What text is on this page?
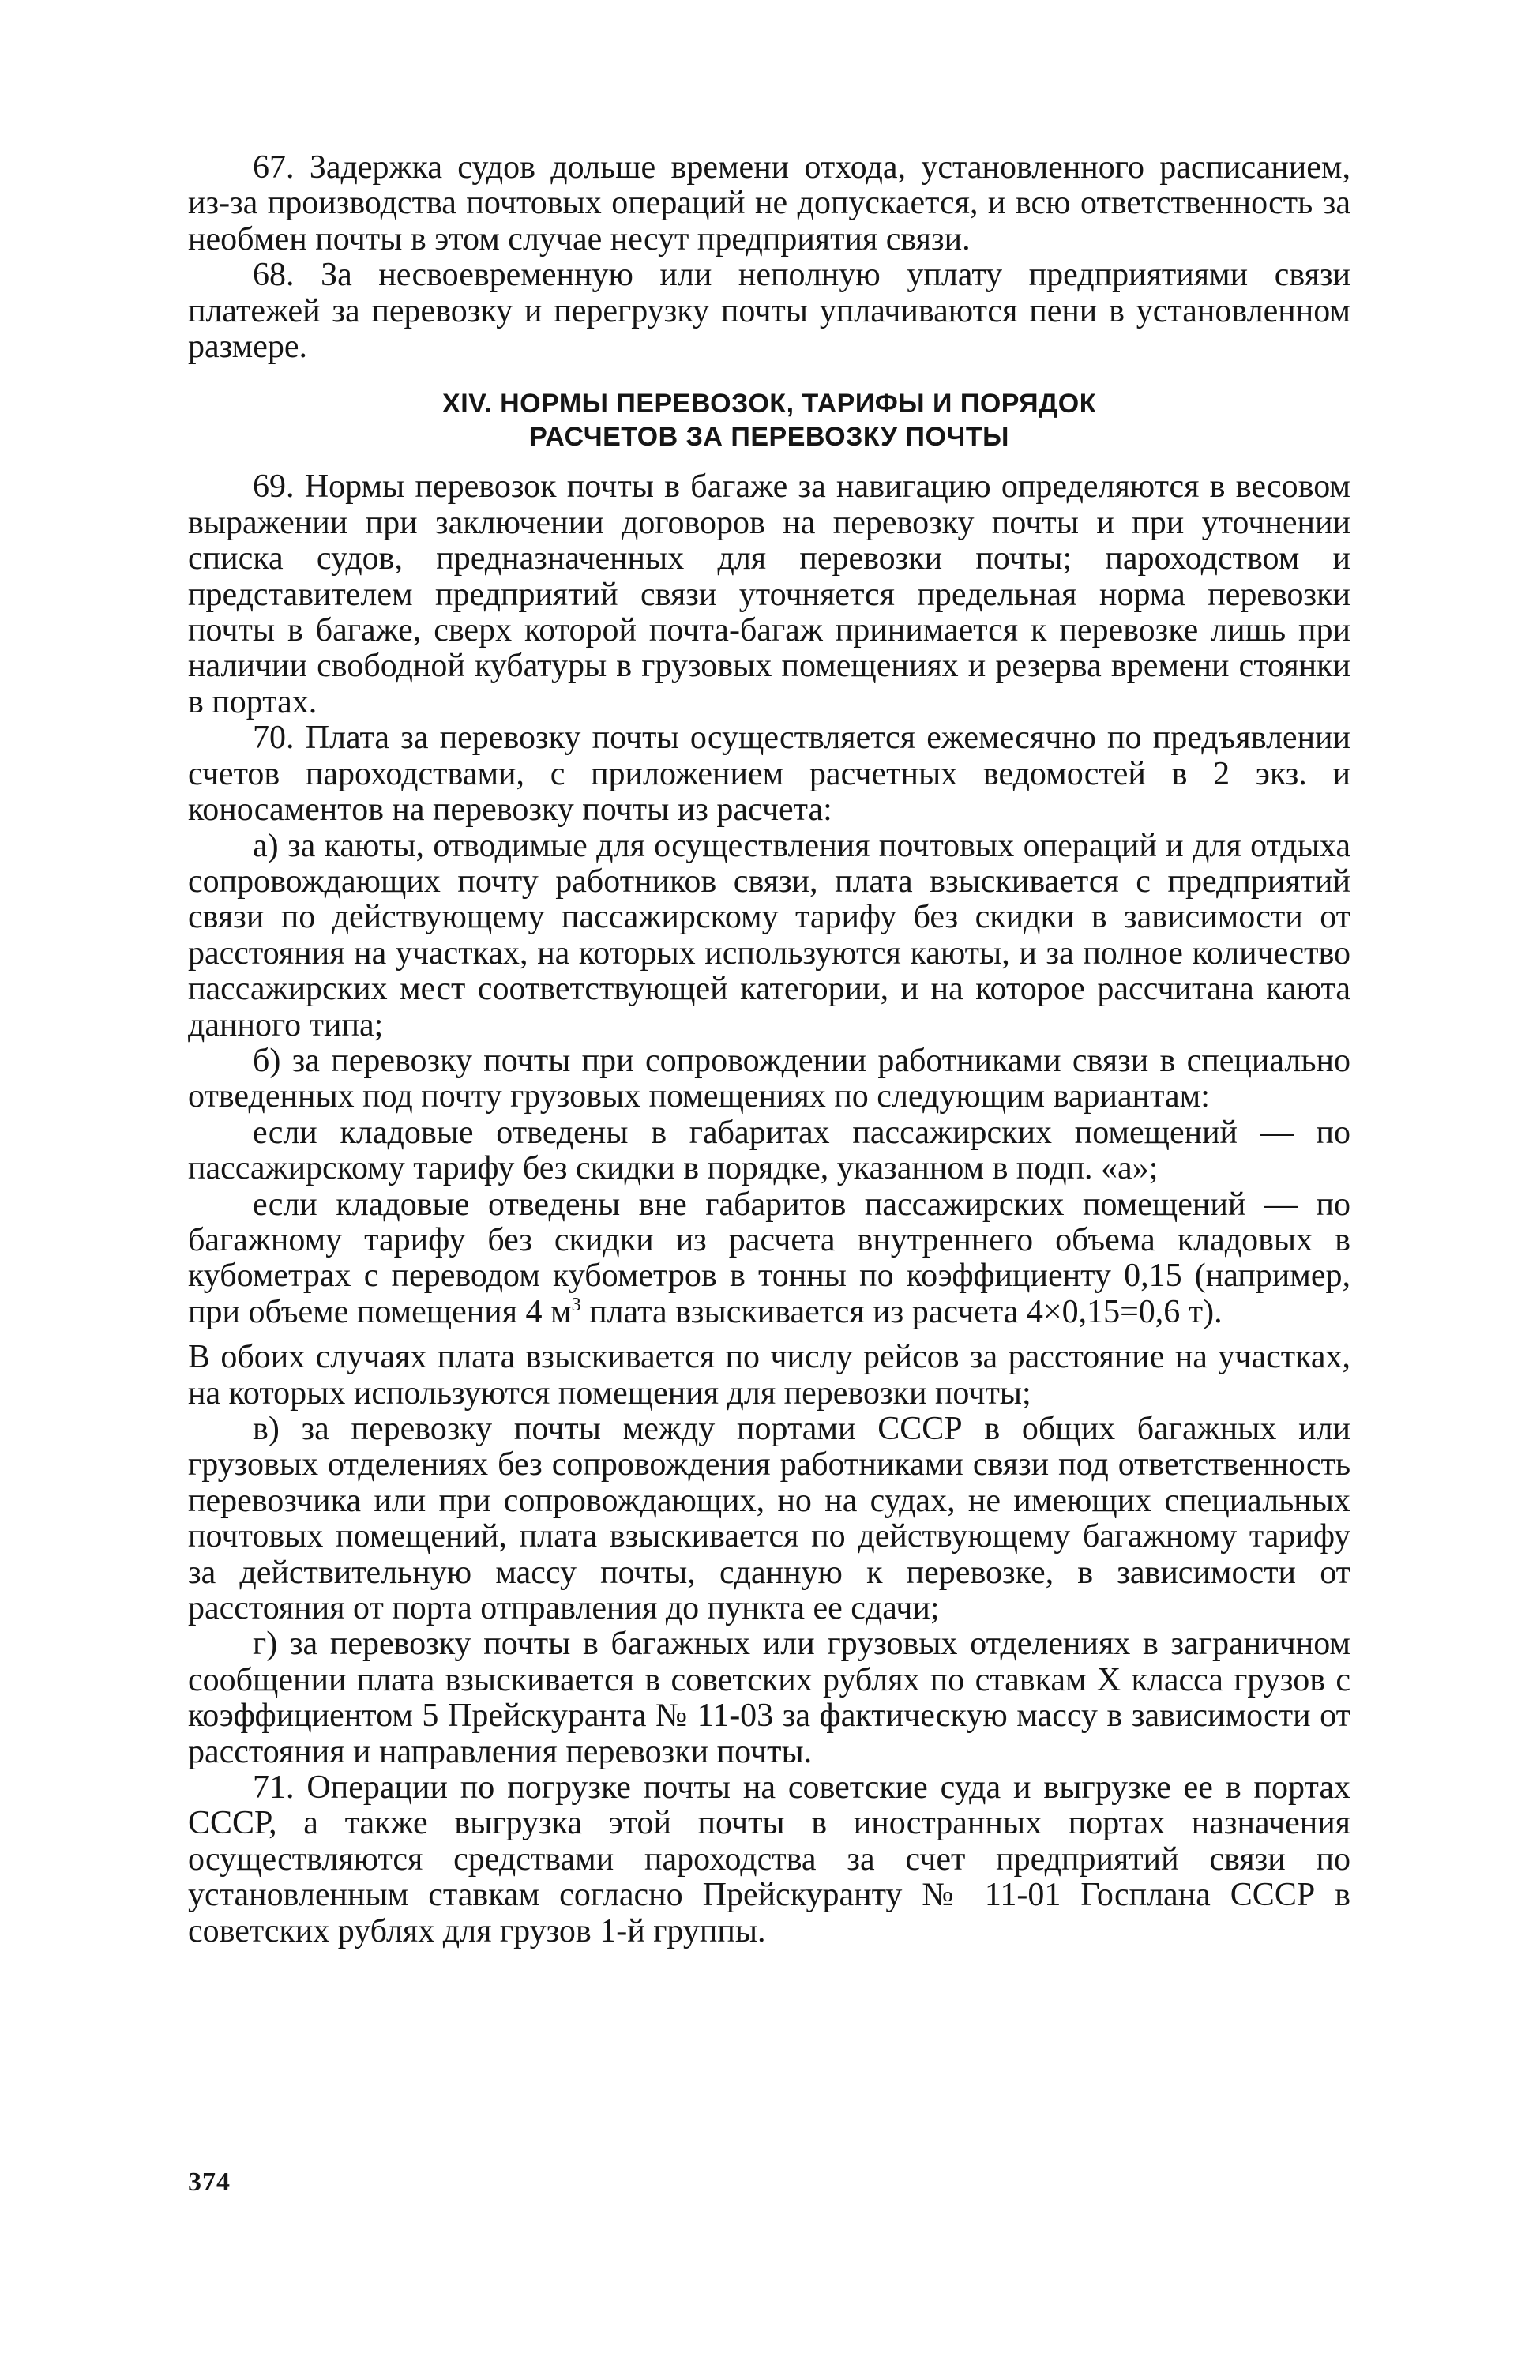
67. Задержка судов дольше времени отхода, установленного расписанием, из-за производства почтовых операций не допускается, и всю ответственность за необмен почты в этом случае несут предприятия связи.

68. За несвоевременную или неполную уплату предприятиями связи платежей за перевозку и перегрузку почты уплачиваются пени в установленном размере.

XIV. НОРМЫ ПЕРЕВОЗОК, ТАРИФЫ И ПОРЯДОК
РАСЧЕТОВ ЗА ПЕРЕВОЗКУ ПОЧТЫ

69. Нормы перевозок почты в багаже за навигацию определяются в весовом выражении при заключении договоров на перевозку почты и при уточнении списка судов, предназначенных для перевозки почты; пароходством и представителем предприятий связи уточняется предельная норма перевозки почты в багаже, сверх которой почта-багаж принимается к перевозке лишь при наличии свободной кубатуры в грузовых помещениях и резерва времени стоянки в портах.

70. Плата за перевозку почты осуществляется ежемесячно по предъявлении счетов пароходствами, с приложением расчетных ведомостей в 2 экз. и коносаментов на перевозку почты из расчета:

а) за каюты, отводимые для осуществления почтовых операций и для отдыха сопровождающих почту работников связи, плата взыскивается с предприятий связи по действующему пассажирскому тарифу без скидки в зависимости от расстояния на участках, на которых используются каюты, и за полное количество пассажирских мест соответствующей категории, и на которое рассчитана каюта данного типа;

б) за перевозку почты при сопровождении работниками связи в специально отведенных под почту грузовых помещениях по следующим вариантам:

если кладовые отведены в габаритах пассажирских помещений — по пассажирскому тарифу без скидки в порядке, указанном в подп. «а»;

если кладовые отведены вне габаритов пассажирских помещений — по багажному тарифу без скидки из расчета внутреннего объема кладовых в кубометрах с переводом кубометров в тонны по коэффициенту 0,15 (например, при объеме помещения 4 $м^3$ плата взыскивается из расчета 4×0,15=0,6 т).

В обоих случаях плата взыскивается по числу рейсов за расстояние на участках, на которых используются помещения для перевозки почты;

в) за перевозку почты между портами СССР в общих багажных или грузовых отделениях без сопровождения работниками связи под ответственность перевозчика или при сопровождающих, но на судах, не имеющих специальных почтовых помещений, плата взыскивается по действующему багажному тарифу за действительную массу почты, сданную к перевозке, в зависимости от расстояния от порта отправления до пункта ее сдачи;

г) за перевозку почты в багажных или грузовых отделениях в заграничном сообщении плата взыскивается в советских рублях по ставкам X класса грузов с коэффициентом 5 Прейскуранта № 11-03 за фактическую массу в зависимости от расстояния и направления перевозки почты.

71. Операции по погрузке почты на советские суда и выгрузке ее в портах СССР, а также выгрузка этой почты в иностранных портах назначения осуществляются средствами пароходства за счет предприятий связи по установленным ставкам согласно Прейскуранту № 11-01 Госплана СССР в советских рублях для грузов 1-й группы.

374
